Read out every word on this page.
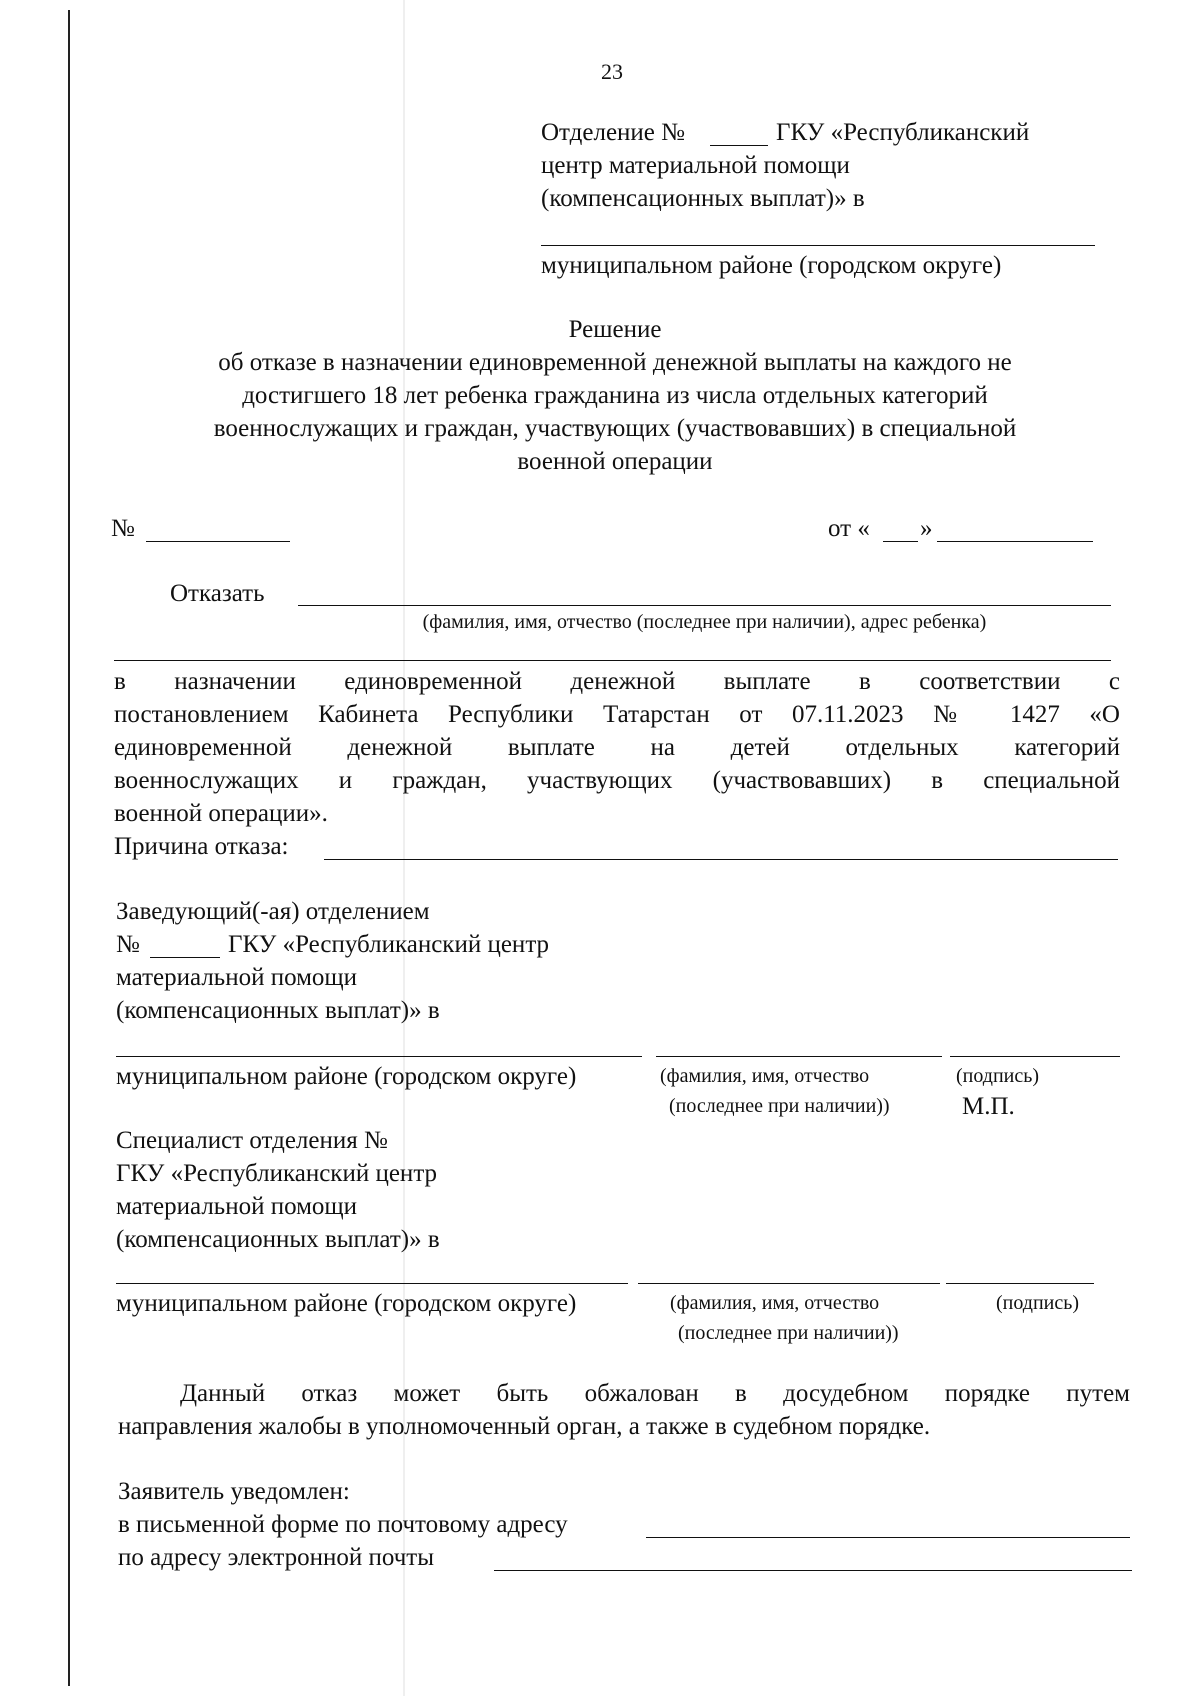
23
Отделение №	ГКУ «Республиканский
центр материальной помощи
(компенсационных выплат)» в
муниципальном районе (городском округе)
Решение
об отказе в назначении единовременной денежной выплаты на каждого не
достигшего 18 лет ребенка гражданина из числа отдельных категорий
военнослужащих и граждан, участвующих (участвовавших) в специальной
военной операции
№	от « »
Отказать
(фамилия, имя, отчество (последнее при наличии), адрес ребенка)
в назначении единовременной денежной выплате в соответствии с
постановлением Кабинета Республики Татарстан от 07.11.2023 № 1427 «О
единовременной денежной выплате на детей отдельных категорий
военнослужащих и граждан, участвующих (участвовавших) в специальной
военной операции».
Причина отказа:
Заведующий(-ая) отделением
№	ГКУ «Республиканский центр
материальной помощи
(компенсационных выплат)» в
муниципальном районе (городском округе)	(фамилия, имя, отчество
(последнее при наличии))
(подпись)
М.П.
Специалист отделения №
ГКУ «Республиканский центр
материальной помощи
(компенсационных выплат)» в
муниципальном районе (городском округе)	(фамилия, имя, отчество
(последнее при наличии))
(подпись)
Данный отказ может быть обжалован в досудебном порядке путем
направления жалобы в уполномоченный орган, а также в судебном порядке.
Заявитель уведомлен:
в письменной форме по почтовому адресу
по адресу электронной почты
